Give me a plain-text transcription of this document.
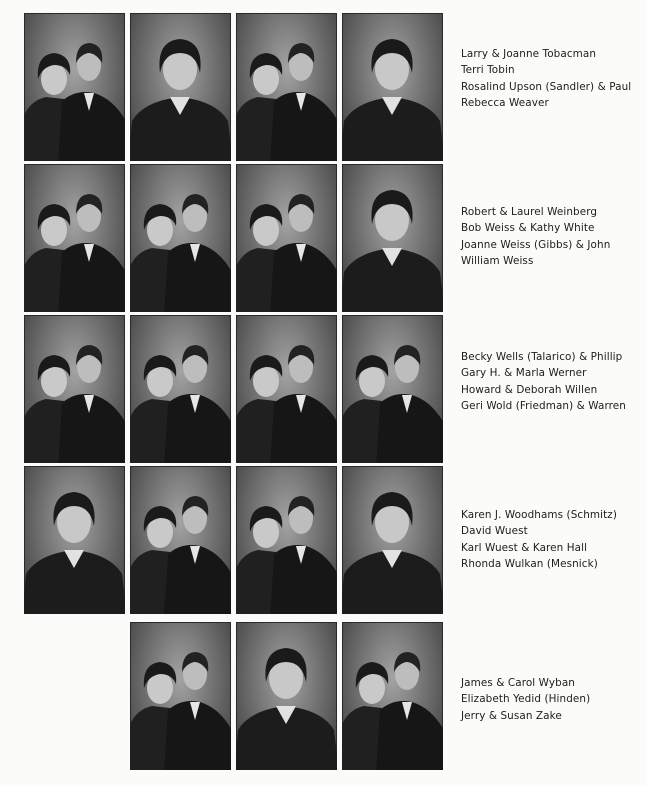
Larry & Joanne Tobacman
Terri Tobin
Rosalind Upson (Sandler) & Paul
Rebecca Weaver
Robert & Laurel Weinberg
Bob Weiss & Kathy White
Joanne Weiss (Gibbs) & John
William Weiss
Becky Wells (Talarico) & Phillip
Gary H. & Marla Werner
Howard & Deborah Willen
Geri Wold (Friedman) & Warren
Karen J. Woodhams (Schmitz)
David Wuest
Karl Wuest & Karen Hall
Rhonda Wulkan (Mesnick)
James & Carol Wyban
Elizabeth Yedid (Hinden)
Jerry & Susan Zake
